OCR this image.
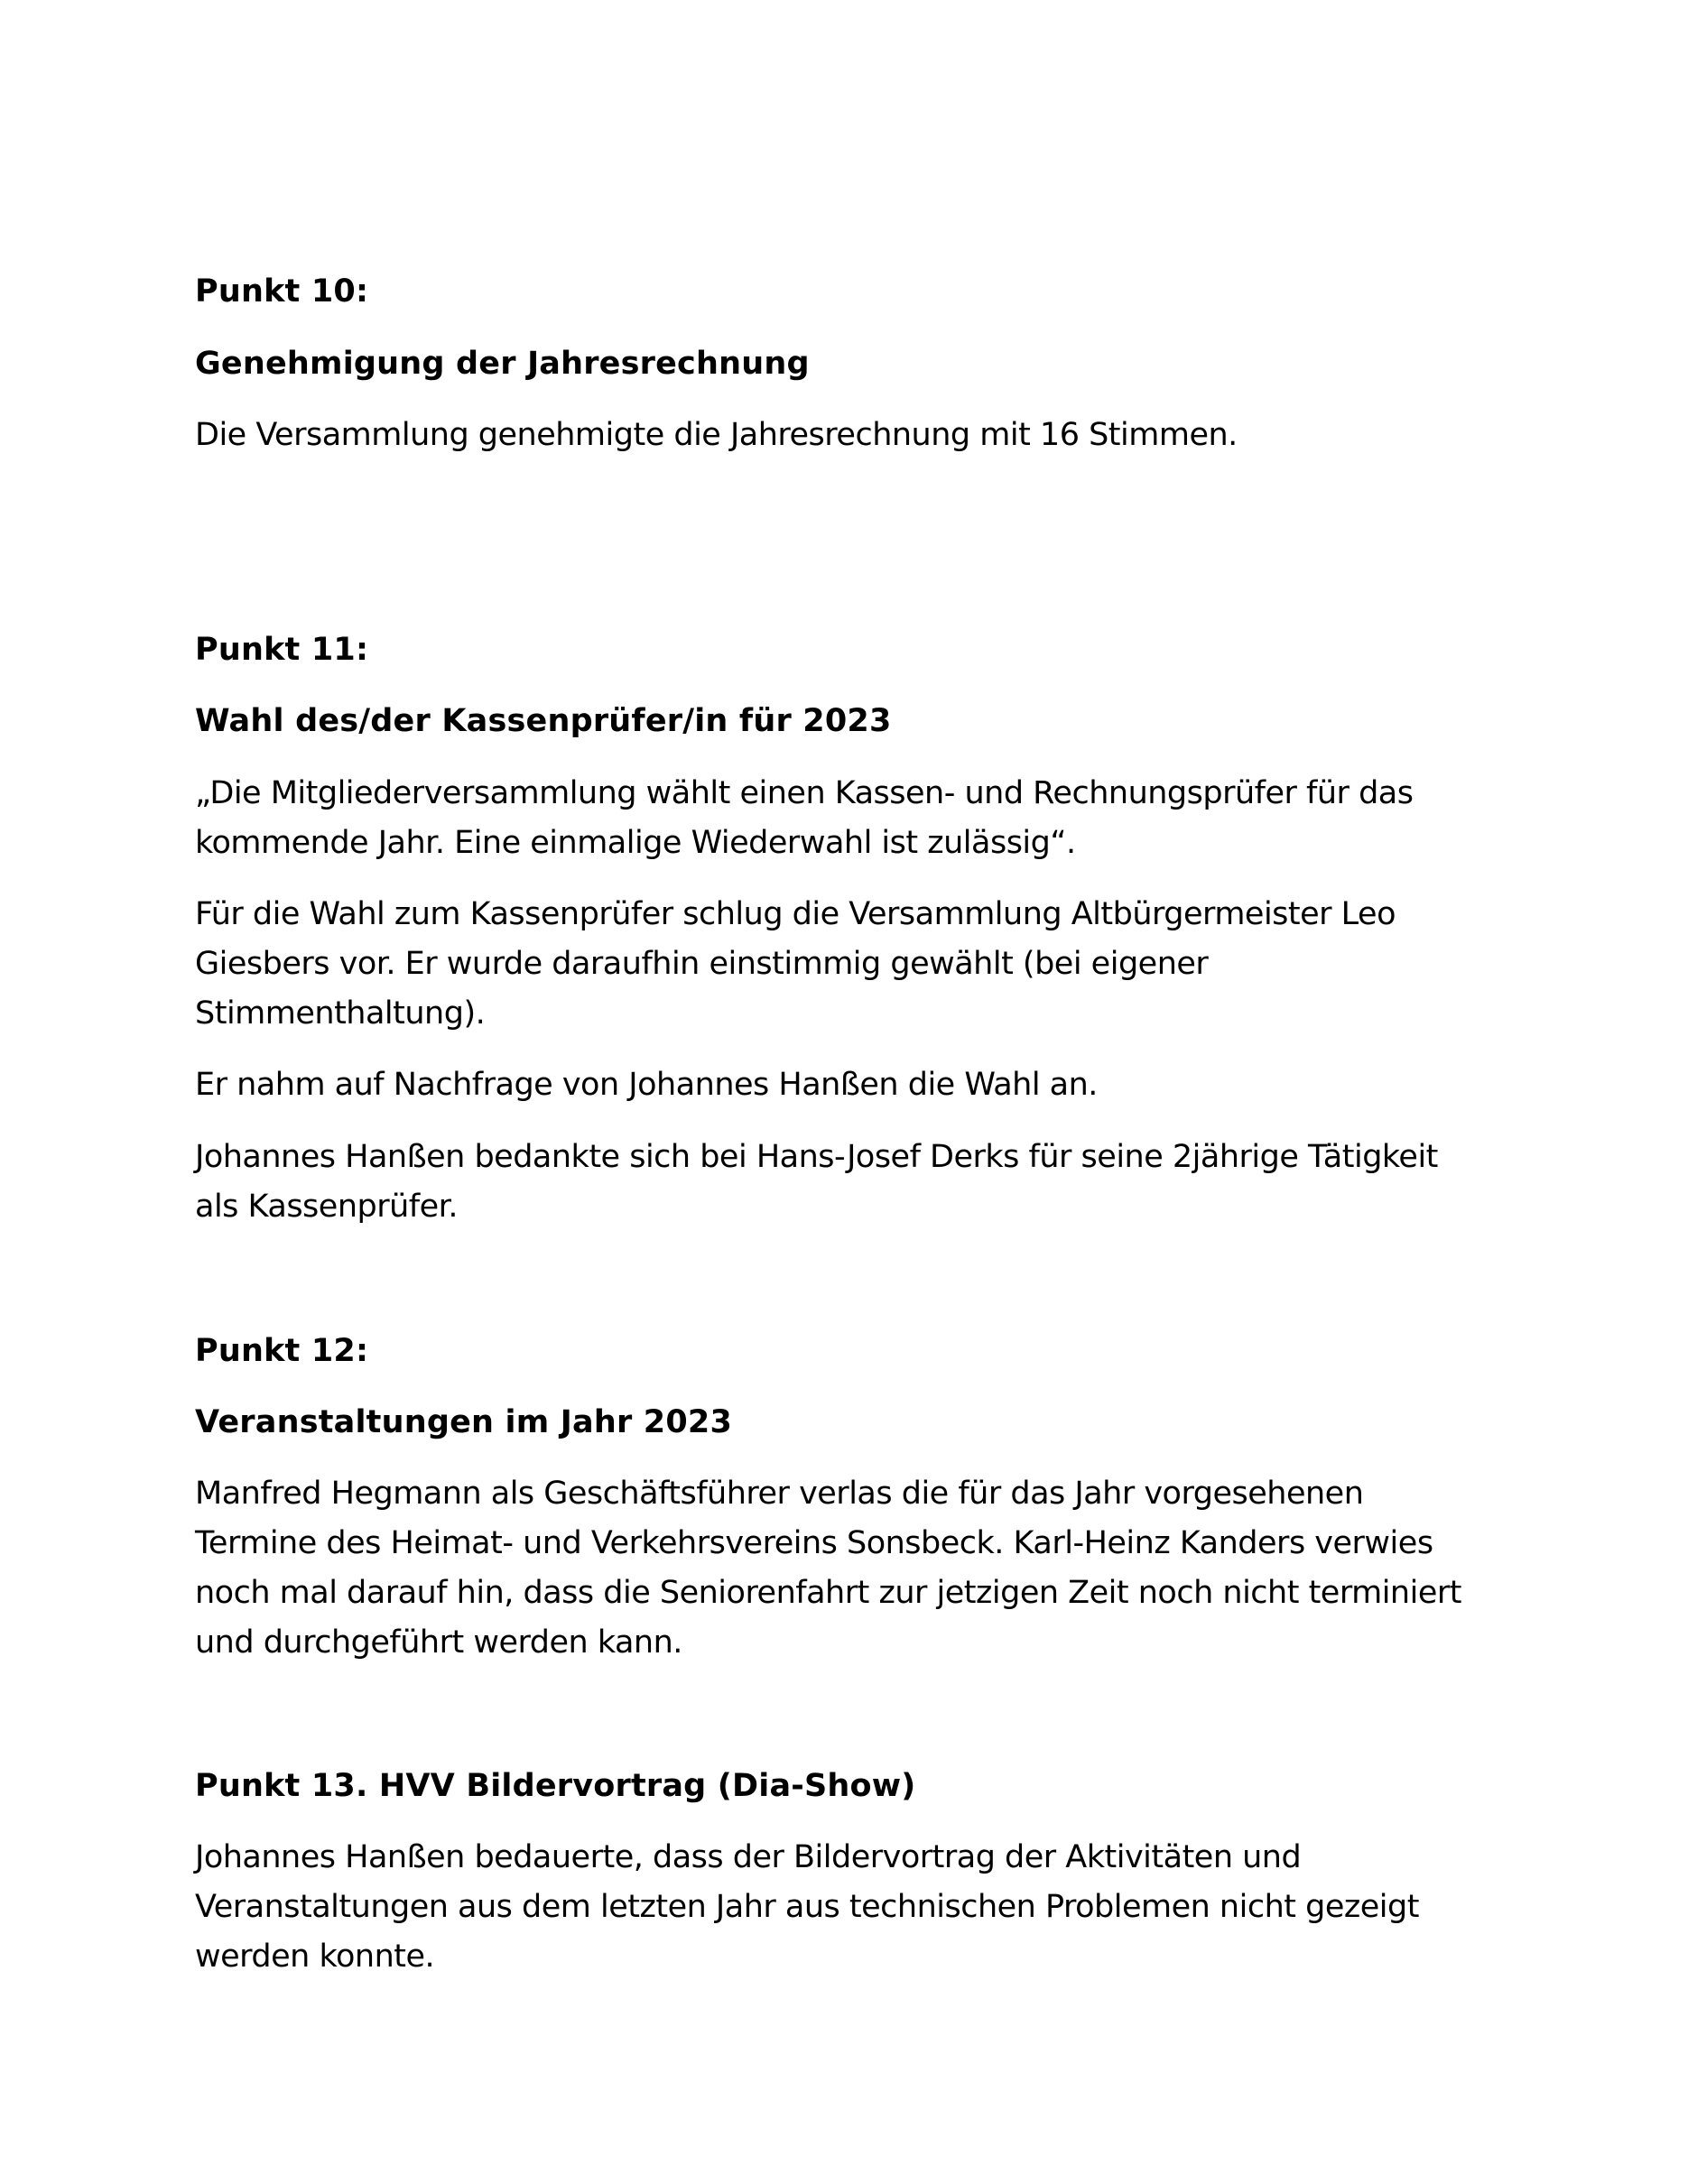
Punkt 10:
Genehmigung der Jahresrechnung
Die Versammlung genehmigte die Jahresrechnung mit 16 Stimmen.
Punkt 11:
Wahl des/der Kassenprüfer/in für 2023
„Die Mitgliederversammlung wählt einen Kassen- und Rechnungsprüfer für das
kommende Jahr. Eine einmalige Wiederwahl ist zulässig“.
Für die Wahl zum Kassenprüfer schlug die Versammlung Altbürgermeister Leo
Giesbers vor. Er wurde daraufhin einstimmig gewählt (bei eigener
Stimmenthaltung).
Er nahm auf Nachfrage von Johannes Hanßen die Wahl an.
Johannes Hanßen bedankte sich bei Hans-Josef Derks für seine 2jährige Tätigkeit
als Kassenprüfer.
Punkt 12:
Veranstaltungen im Jahr 2023
Manfred Hegmann als Geschäftsführer verlas die für das Jahr vorgesehenen
Termine des Heimat- und Verkehrsvereins Sonsbeck. Karl-Heinz Kanders verwies
noch mal darauf hin, dass die Seniorenfahrt zur jetzigen Zeit noch nicht terminiert
und durchgeführt werden kann.
Punkt 13. HVV Bildervortrag (Dia-Show)
Johannes Hanßen bedauerte, dass der Bildervortrag der Aktivitäten und
Veranstaltungen aus dem letzten Jahr aus technischen Problemen nicht gezeigt
werden konnte.
